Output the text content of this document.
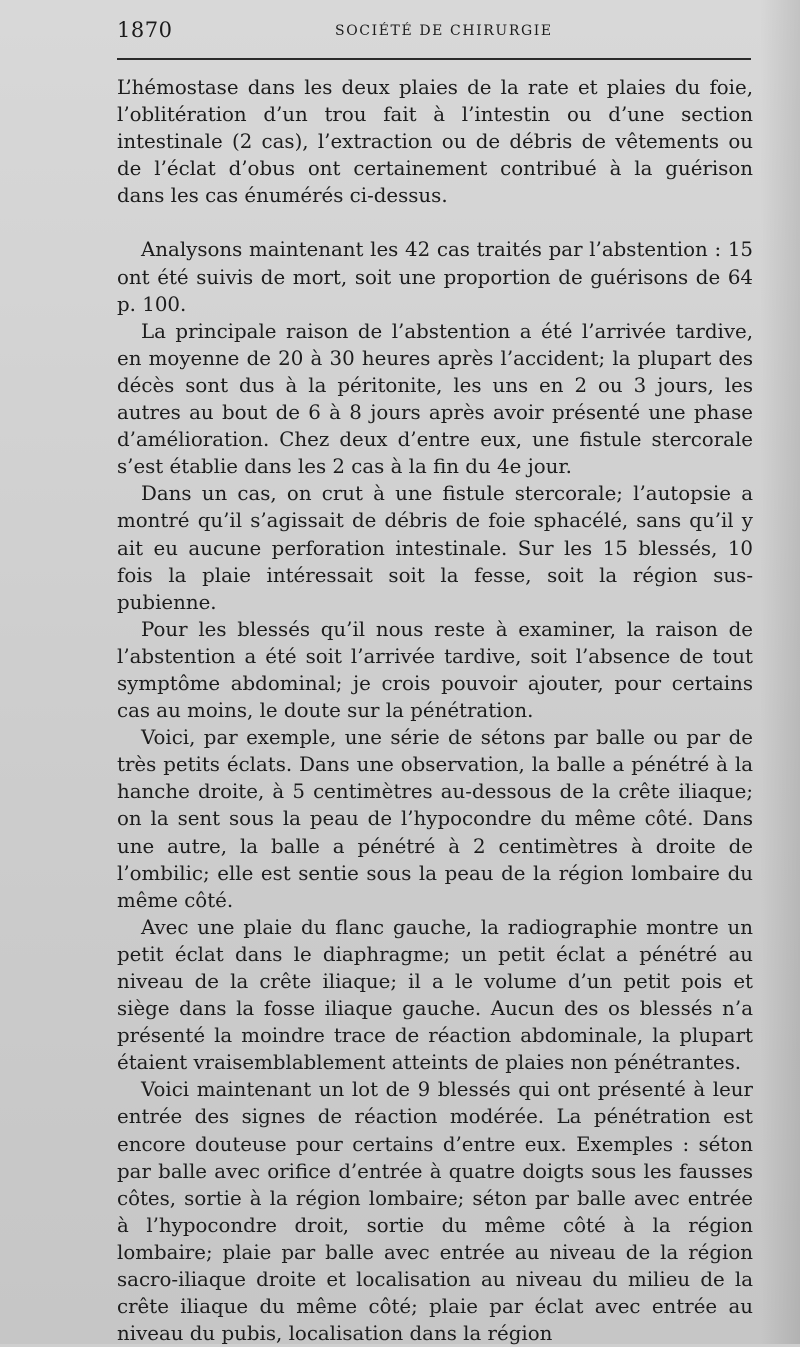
1870	SOCIÉTÉ DE CHIRURGIE

L’hémostase dans les deux plaies de la rate et plaies du foie, l’oblitération d’un trou fait à l’intestin ou d’une section intestinale (2 cas), l’extraction ou de débris de vêtements ou de l’éclat d’obus ont certainement contribué à la guérison dans les cas énumérés ci-dessus.

Analysons maintenant les 42 cas traités par l’abstention : 15 ont été suivis de mort, soit une proportion de guérisons de 64 p. 100.

La principale raison de l’abstention a été l’arrivée tardive, en moyenne de 20 à 30 heures après l’accident; la plupart des décès sont dus à la péritonite, les uns en 2 ou 3 jours, les autres au bout de 6 à 8 jours après avoir présenté une phase d’amélioration. Chez deux d’entre eux, une fistule stercorale s’est établie dans les 2 cas à la fin du 4e jour.

Dans un cas, on crut à une fistule stercorale; l’autopsie a montré qu’il s’agissait de débris de foie sphacélé, sans qu’il y ait eu aucune perforation intestinale. Sur les 15 blessés, 10 fois la plaie intéressait soit la fesse, soit la région sus-pubienne.

Pour les blessés qu’il nous reste à examiner, la raison de l’abstention a été soit l’arrivée tardive, soit l’absence de tout symptôme abdominal; je crois pouvoir ajouter, pour certains cas au moins, le doute sur la pénétration.

Voici, par exemple, une série de sétons par balle ou par de très petits éclats. Dans une observation, la balle a pénétré à la hanche droite, à 5 centimètres au-dessous de la crête iliaque; on la sent sous la peau de l’hypocondre du même côté. Dans une autre, la balle a pénétré à 2 centimètres à droite de l’ombilic; elle est sentie sous la peau de la région lombaire du même côté.

Avec une plaie du flanc gauche, la radiographie montre un petit éclat dans le diaphragme; un petit éclat a pénétré au niveau de la crête iliaque; il a le volume d’un petit pois et siège dans la fosse iliaque gauche. Aucun des os blessés n’a présenté la moindre trace de réaction abdominale, la plupart étaient vraisemblablement atteints de plaies non pénétrantes.

Voici maintenant un lot de 9 blessés qui ont présenté à leur entrée des signes de réaction modérée. La pénétration est encore douteuse pour certains d’entre eux. Exemples : séton par balle avec orifice d’entrée à quatre doigts sous les fausses côtes, sortie à la région lombaire; séton par balle avec entrée à l’hypocondre droit, sortie du même côté à la région lombaire; plaie par balle avec entrée au niveau de la région sacro-iliaque droite et localisation au niveau du milieu de la crête iliaque du même côté; plaie par éclat avec entrée au niveau du pubis, localisation dans la région
